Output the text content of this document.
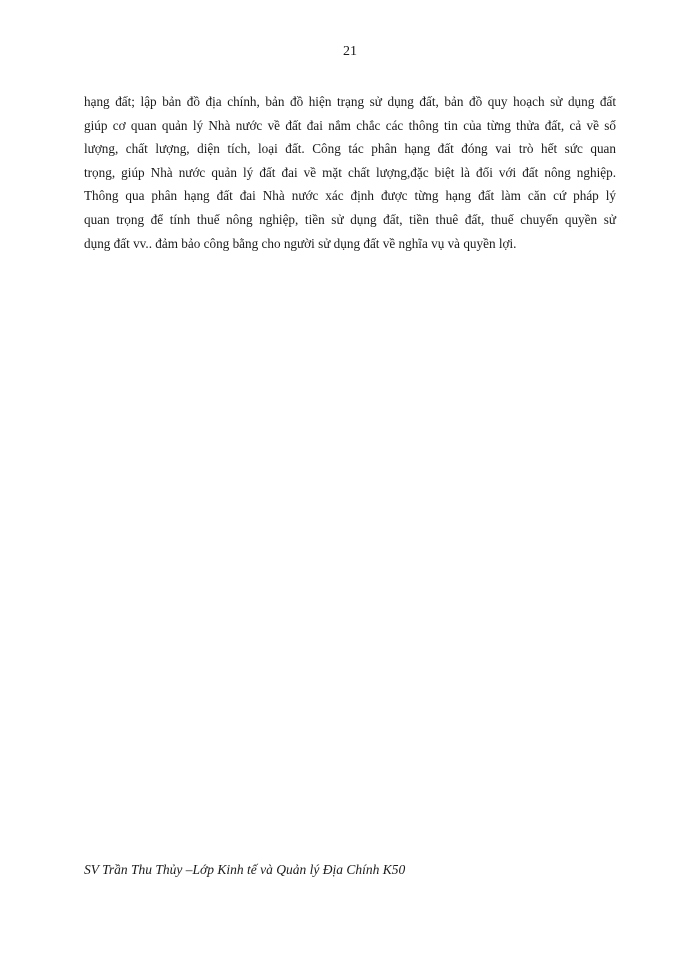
21
hạng đất; lập bản đồ địa chính, bản đồ hiện trạng sử dụng đất, bản đồ quy hoạch sử dụng đất
giúp cơ quan quản lý Nhà nước về đất đai nắm chắc các thông tin của từng thửa đất, cả về số
lượng, chất lượng, diện tích, loại đất. Công tác phân hạng đất đóng vai trò hết sức quan
trọng, giúp Nhà nước quản lý đất đai về mặt chất lượng,đặc biệt là đối với đất nông nghiệp.
Thông qua phân hạng đất đai Nhà nước xác định được từng hạng đất làm căn cứ pháp lý
quan trọng để tính thuế nông nghiệp, tiền sử dụng đất, tiền thuê đất, thuế chuyển quyền sử
dụng đất vv.. đảm bảo công bằng cho người sử dụng đất về nghĩa vụ và quyền lợi.
SV Trần Thu Thủy –Lớp Kinh tế và Quản lý Địa Chính K50
